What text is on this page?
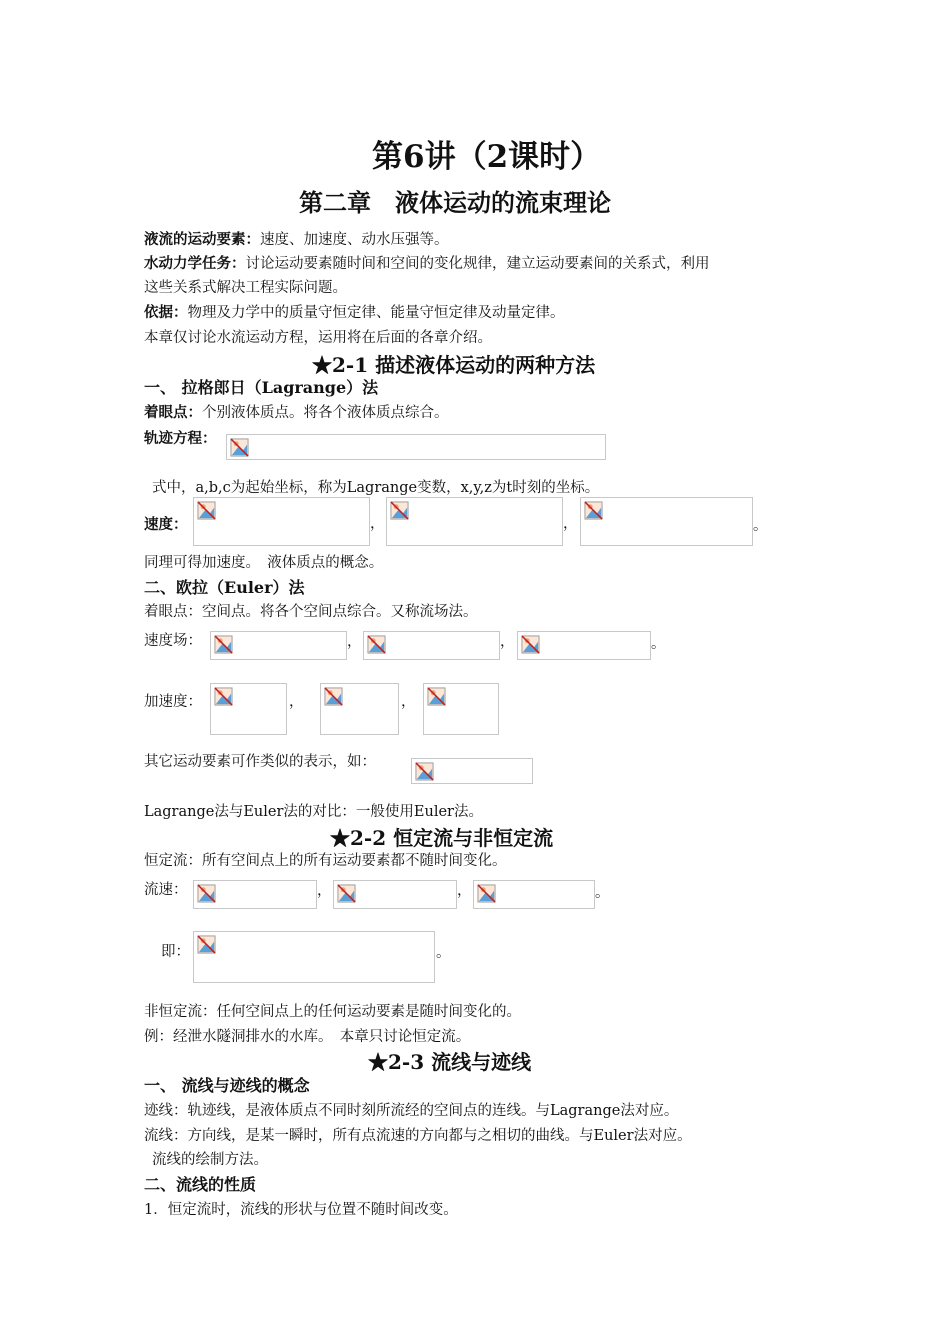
第6讲（2课时）
第二章　液体运动的流束理论
液流的运动要素：速度、加速度、动水压强等。
水动力学任务：讨论运动要素随时间和空间的变化规律，建立运动要素间的关系式，利用
这些关系式解决工程实际问题。
依据：物理及力学中的质量守恒定律、能量守恒定律及动量定律。
本章仅讨论水流运动方程，运用将在后面的各章介绍。
★2-1 描述液体运动的两种方法
一、 拉格郎日（Lagrange）法
着眼点：个别液体质点。将各个液体质点综合。
轨迹方程：
式中，a,b,c为起始坐标，称为Lagrange变数，x,y,z为t时刻的坐标。
速度：	，	，	。
同理可得加速度。　液体质点的概念。
二、欧拉（Euler）法
着眼点：空间点。将各个空间点综合。又称流场法。
速度场：	，	，	。
加速度：	，	，
其它运动要素可作类似的表示，如：
Lagrange法与Euler法的对比：一般使用Euler法。
★2-2 恒定流与非恒定流
恒定流：所有空间点上的所有运动要素都不随时间变化。
流速：	，	，	。
即：	。
非恒定流：任何空间点上的任何运动要素是随时间变化的。
例：经泄水隧洞排水的水库。　本章只讨论恒定流。
★2-3 流线与迹线
一、 流线与迹线的概念
迹线：轨迹线，是液体质点不同时刻所流经的空间点的连线。与Lagrange法对应。
流线：方向线，是某一瞬时，所有点流速的方向都与之相切的曲线。与Euler法对应。
流线的绘制方法。
二、流线的性质
1．恒定流时，流线的形状与位置不随时间改变。
